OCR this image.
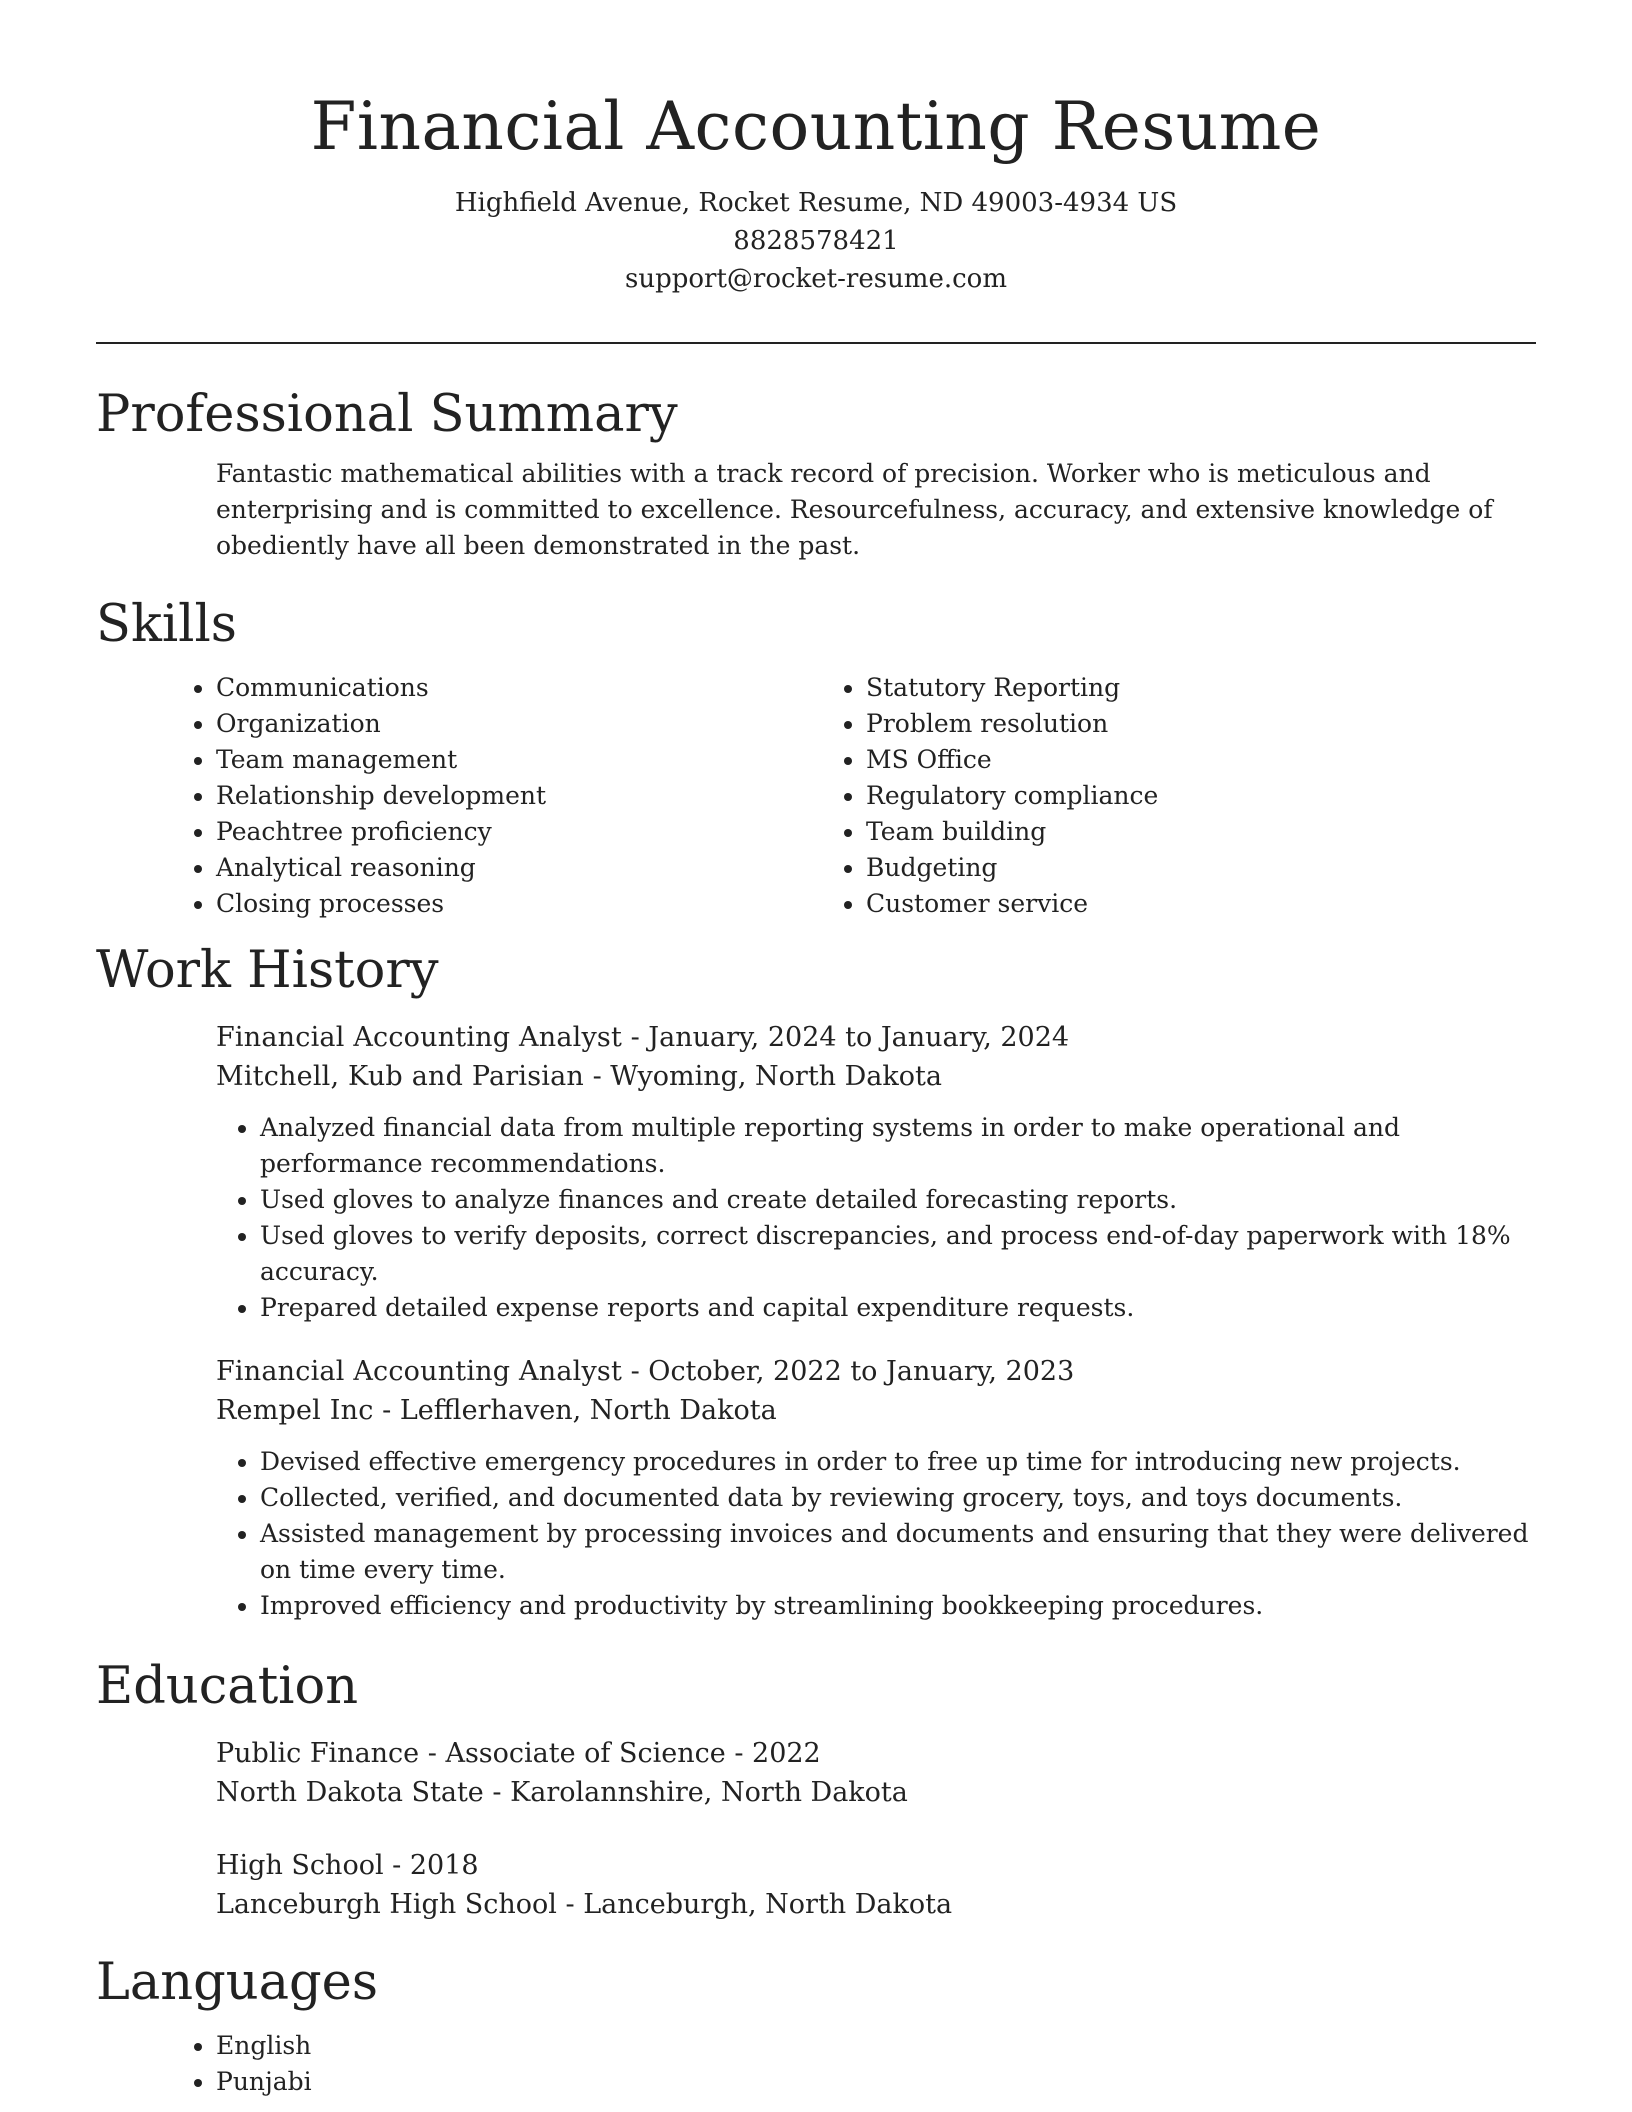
Financial Accounting Resume
Highfield Avenue, Rocket Resume, ND 49003-4934 US
8828578421
support@rocket-resume.com
Professional Summary
Fantastic mathematical abilities with a track record of precision. Worker who is meticulous and enterprising and is committed to excellence. Resourcefulness, accuracy, and extensive knowledge of obediently have all been demonstrated in the past.
Skills
• Communications
• Organization
• Team management
• Relationship development
• Peachtree proficiency
• Analytical reasoning
• Closing processes
• Statutory Reporting
• Problem resolution
• MS Office
• Regulatory compliance
• Team building
• Budgeting
• Customer service
Work History
Financial Accounting Analyst - January, 2024 to January, 2024
Mitchell, Kub and Parisian - Wyoming, North Dakota
• Analyzed financial data from multiple reporting systems in order to make operational and performance recommendations.
• Used gloves to analyze finances and create detailed forecasting reports.
• Used gloves to verify deposits, correct discrepancies, and process end-of-day paperwork with 18% accuracy.
• Prepared detailed expense reports and capital expenditure requests.
Financial Accounting Analyst - October, 2022 to January, 2023
Rempel Inc - Lefflerhaven, North Dakota
• Devised effective emergency procedures in order to free up time for introducing new projects.
• Collected, verified, and documented data by reviewing grocery, toys, and toys documents.
• Assisted management by processing invoices and documents and ensuring that they were delivered on time every time.
• Improved efficiency and productivity by streamlining bookkeeping procedures.
Education
Public Finance - Associate of Science - 2022
North Dakota State - Karolannshire, North Dakota
High School - 2018
Lanceburgh High School - Lanceburgh, North Dakota
Languages
• English
• Punjabi
